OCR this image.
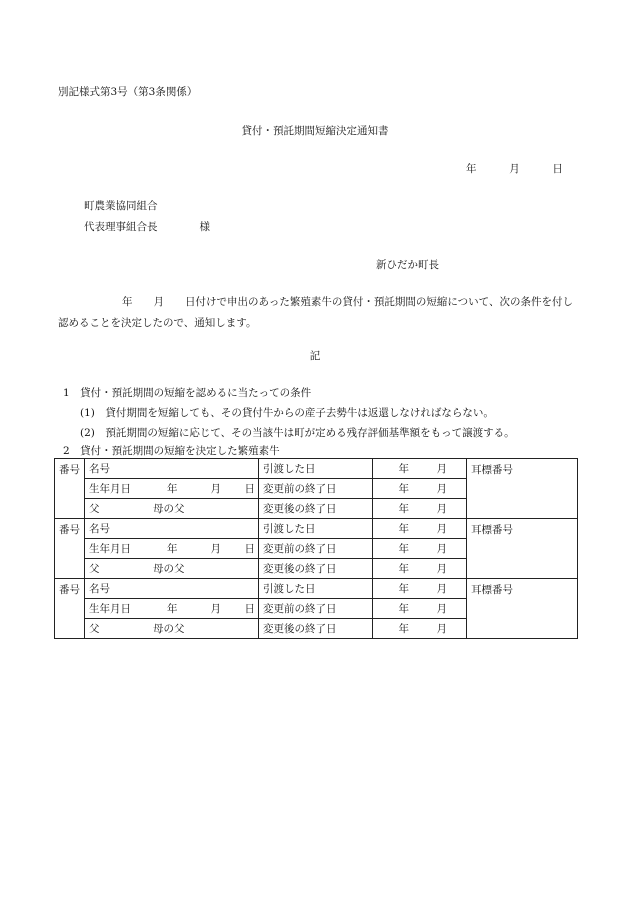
別記様式第3号（第3条関係）
貸付・預託期間短縮決定通知書
年	月	日
町農業協同組合
代表理事組合長　　　　様
新ひだか町長
年　　月　　日付けで申出のあった繁殖素牛の貸付・預託期間の短縮について、次の条件を付し認めることを決定したので、通知します。
記
1　貸付・預託期間の短縮を認めるに当たっての条件
(1)　貸付期間を短縮しても、その貸付牛からの産子去勢牛は返還しなければならない。
(2)　預託期間の短縮に応じて、その当該牛は町が定める残存評価基準額をもって譲渡する。
2　貸付・預託期間の短縮を決定した繁殖素牛
番号	名号	引渡した日	年 月	耳標番号
	生年月日 年 月 日	変更前の終了日	年 月	
	父 母の父	変更後の終了日	年 月	
番号	名号	引渡した日	年 月	耳標番号
	生年月日 年 月 日	変更前の終了日	年 月	
	父 母の父	変更後の終了日	年 月	
番号	名号	引渡した日	年 月	耳標番号
	生年月日 年 月 日	変更前の終了日	年 月	
	父 母の父	変更後の終了日	年 月	
